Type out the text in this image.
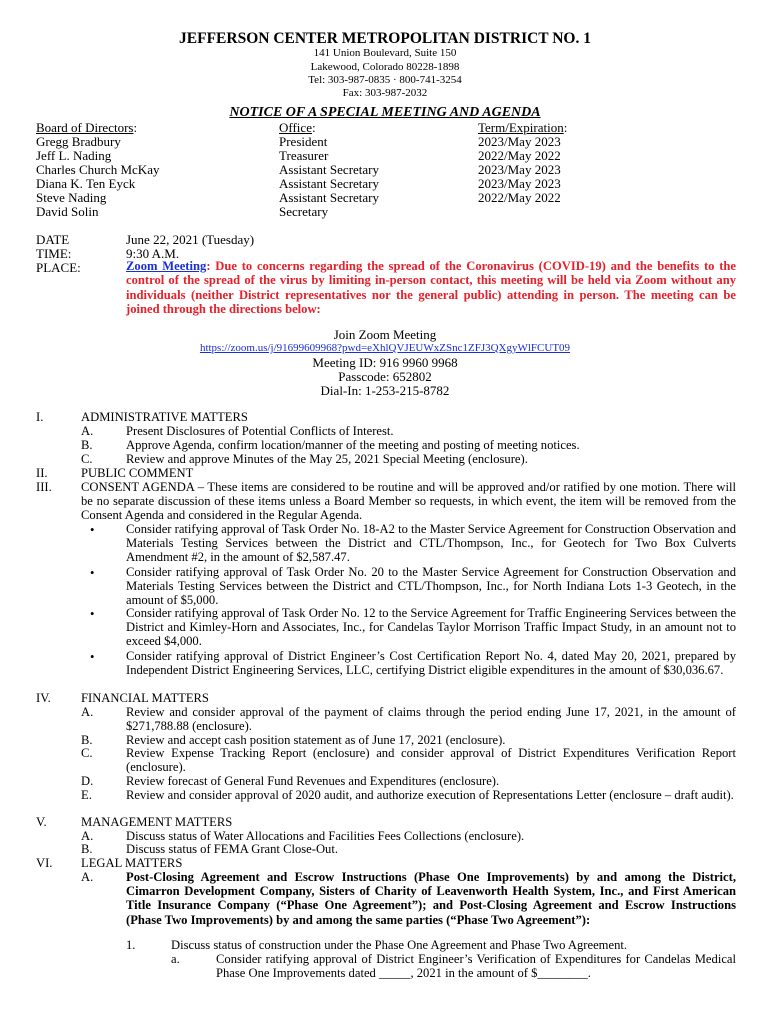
JEFFERSON CENTER METROPOLITAN DISTRICT NO. 1
141 Union Boulevard, Suite 150
Lakewood, Colorado 80228-1898
Tel: 303-987-0835 · 800-741-3254
Fax: 303-987-2032
NOTICE OF A SPECIAL MEETING AND AGENDA
Board of Directors:	Office:	Term/Expiration:
Gregg Bradbury	President	2023/May 2023
Jeff L. Nading	Treasurer	2022/May 2022
Charles Church McKay	Assistant Secretary	2023/May 2023
Diana K. Ten Eyck	Assistant Secretary	2023/May 2023
Steve Nading	Assistant Secretary	2022/May 2022
David Solin	Secretary
DATE	June 22, 2021 (Tuesday)
TIME:	9:30 A.M.
PLACE:	Zoom Meeting: Due to concerns regarding the spread of the Coronavirus (COVID-19) and the benefits to the control of the spread of the virus by limiting in-person contact, this meeting will be held via Zoom without any individuals (neither District representatives nor the general public) attending in person. The meeting can be joined through the directions below:
Join Zoom Meeting
https://zoom.us/j/91699609968?pwd=eXhlQVJEUWxZSnc1ZFJ3QXgyWlFCUT09
Meeting ID: 916 9960 9968
Passcode: 652802
Dial-In: 1-253-215-8782
I.	ADMINISTRATIVE MATTERS
A.	Present Disclosures of Potential Conflicts of Interest.
B.	Approve Agenda, confirm location/manner of the meeting and posting of meeting notices.
C.	Review and approve Minutes of the May 25, 2021 Special Meeting (enclosure).
II.	PUBLIC COMMENT
III. CONSENT AGENDA – These items are considered to be routine and will be approved and/or ratified by one motion. There will be no separate discussion of these items unless a Board Member so requests, in which event, the item will be removed from the Consent Agenda and considered in the Regular Agenda.
•	Consider ratifying approval of Task Order No. 18-A2 to the Master Service Agreement for Construction Observation and Materials Testing Services between the District and CTL/Thompson, Inc., for Geotech for Two Box Culverts Amendment #2, in the amount of $2,587.47.
•	Consider ratifying approval of Task Order No. 20 to the Master Service Agreement for Construction Observation and Materials Testing Services between the District and CTL/Thompson, Inc., for North Indiana Lots 1-3 Geotech, in the amount of $5,000.
•	Consider ratifying approval of Task Order No. 12 to the Service Agreement for Traffic Engineering Services between the District and Kimley-Horn and Associates, Inc., for Candelas Taylor Morrison Traffic Impact Study, in an amount not to exceed $4,000.
•	Consider ratifying approval of District Engineer’s Cost Certification Report No. 4, dated May 20, 2021, prepared by Independent District Engineering Services, LLC, certifying District eligible expenditures in the amount of $30,036.67.
IV. FINANCIAL MATTERS
A.	Review and consider approval of the payment of claims through the period ending June 17, 2021, in the amount of $271,788.88 (enclosure).
B.	Review and accept cash position statement as of June 17, 2021 (enclosure).
C.	Review Expense Tracking Report (enclosure) and consider approval of District Expenditures Verification Report (enclosure).
D.	Review forecast of General Fund Revenues and Expenditures (enclosure).
E.	Review and consider approval of 2020 audit, and authorize execution of Representations Letter (enclosure – draft audit).
V.	MANAGEMENT MATTERS
A.	Discuss status of Water Allocations and Facilities Fees Collections (enclosure).
B.	Discuss status of FEMA Grant Close-Out.
VI. LEGAL MATTERS
A.	Post-Closing Agreement and Escrow Instructions (Phase One Improvements) by and among the District, Cimarron Development Company, Sisters of Charity of Leavenworth Health System, Inc., and First American Title Insurance Company (“Phase One Agreement”); and Post-Closing Agreement and Escrow Instructions (Phase Two Improvements) by and among the same parties (“Phase Two Agreement”):
1.	Discuss status of construction under the Phase One Agreement and Phase Two Agreement.
a.	Consider ratifying approval of District Engineer’s Verification of Expenditures for Candelas Medical Phase One Improvements dated _____, 2021 in the amount of $________.
